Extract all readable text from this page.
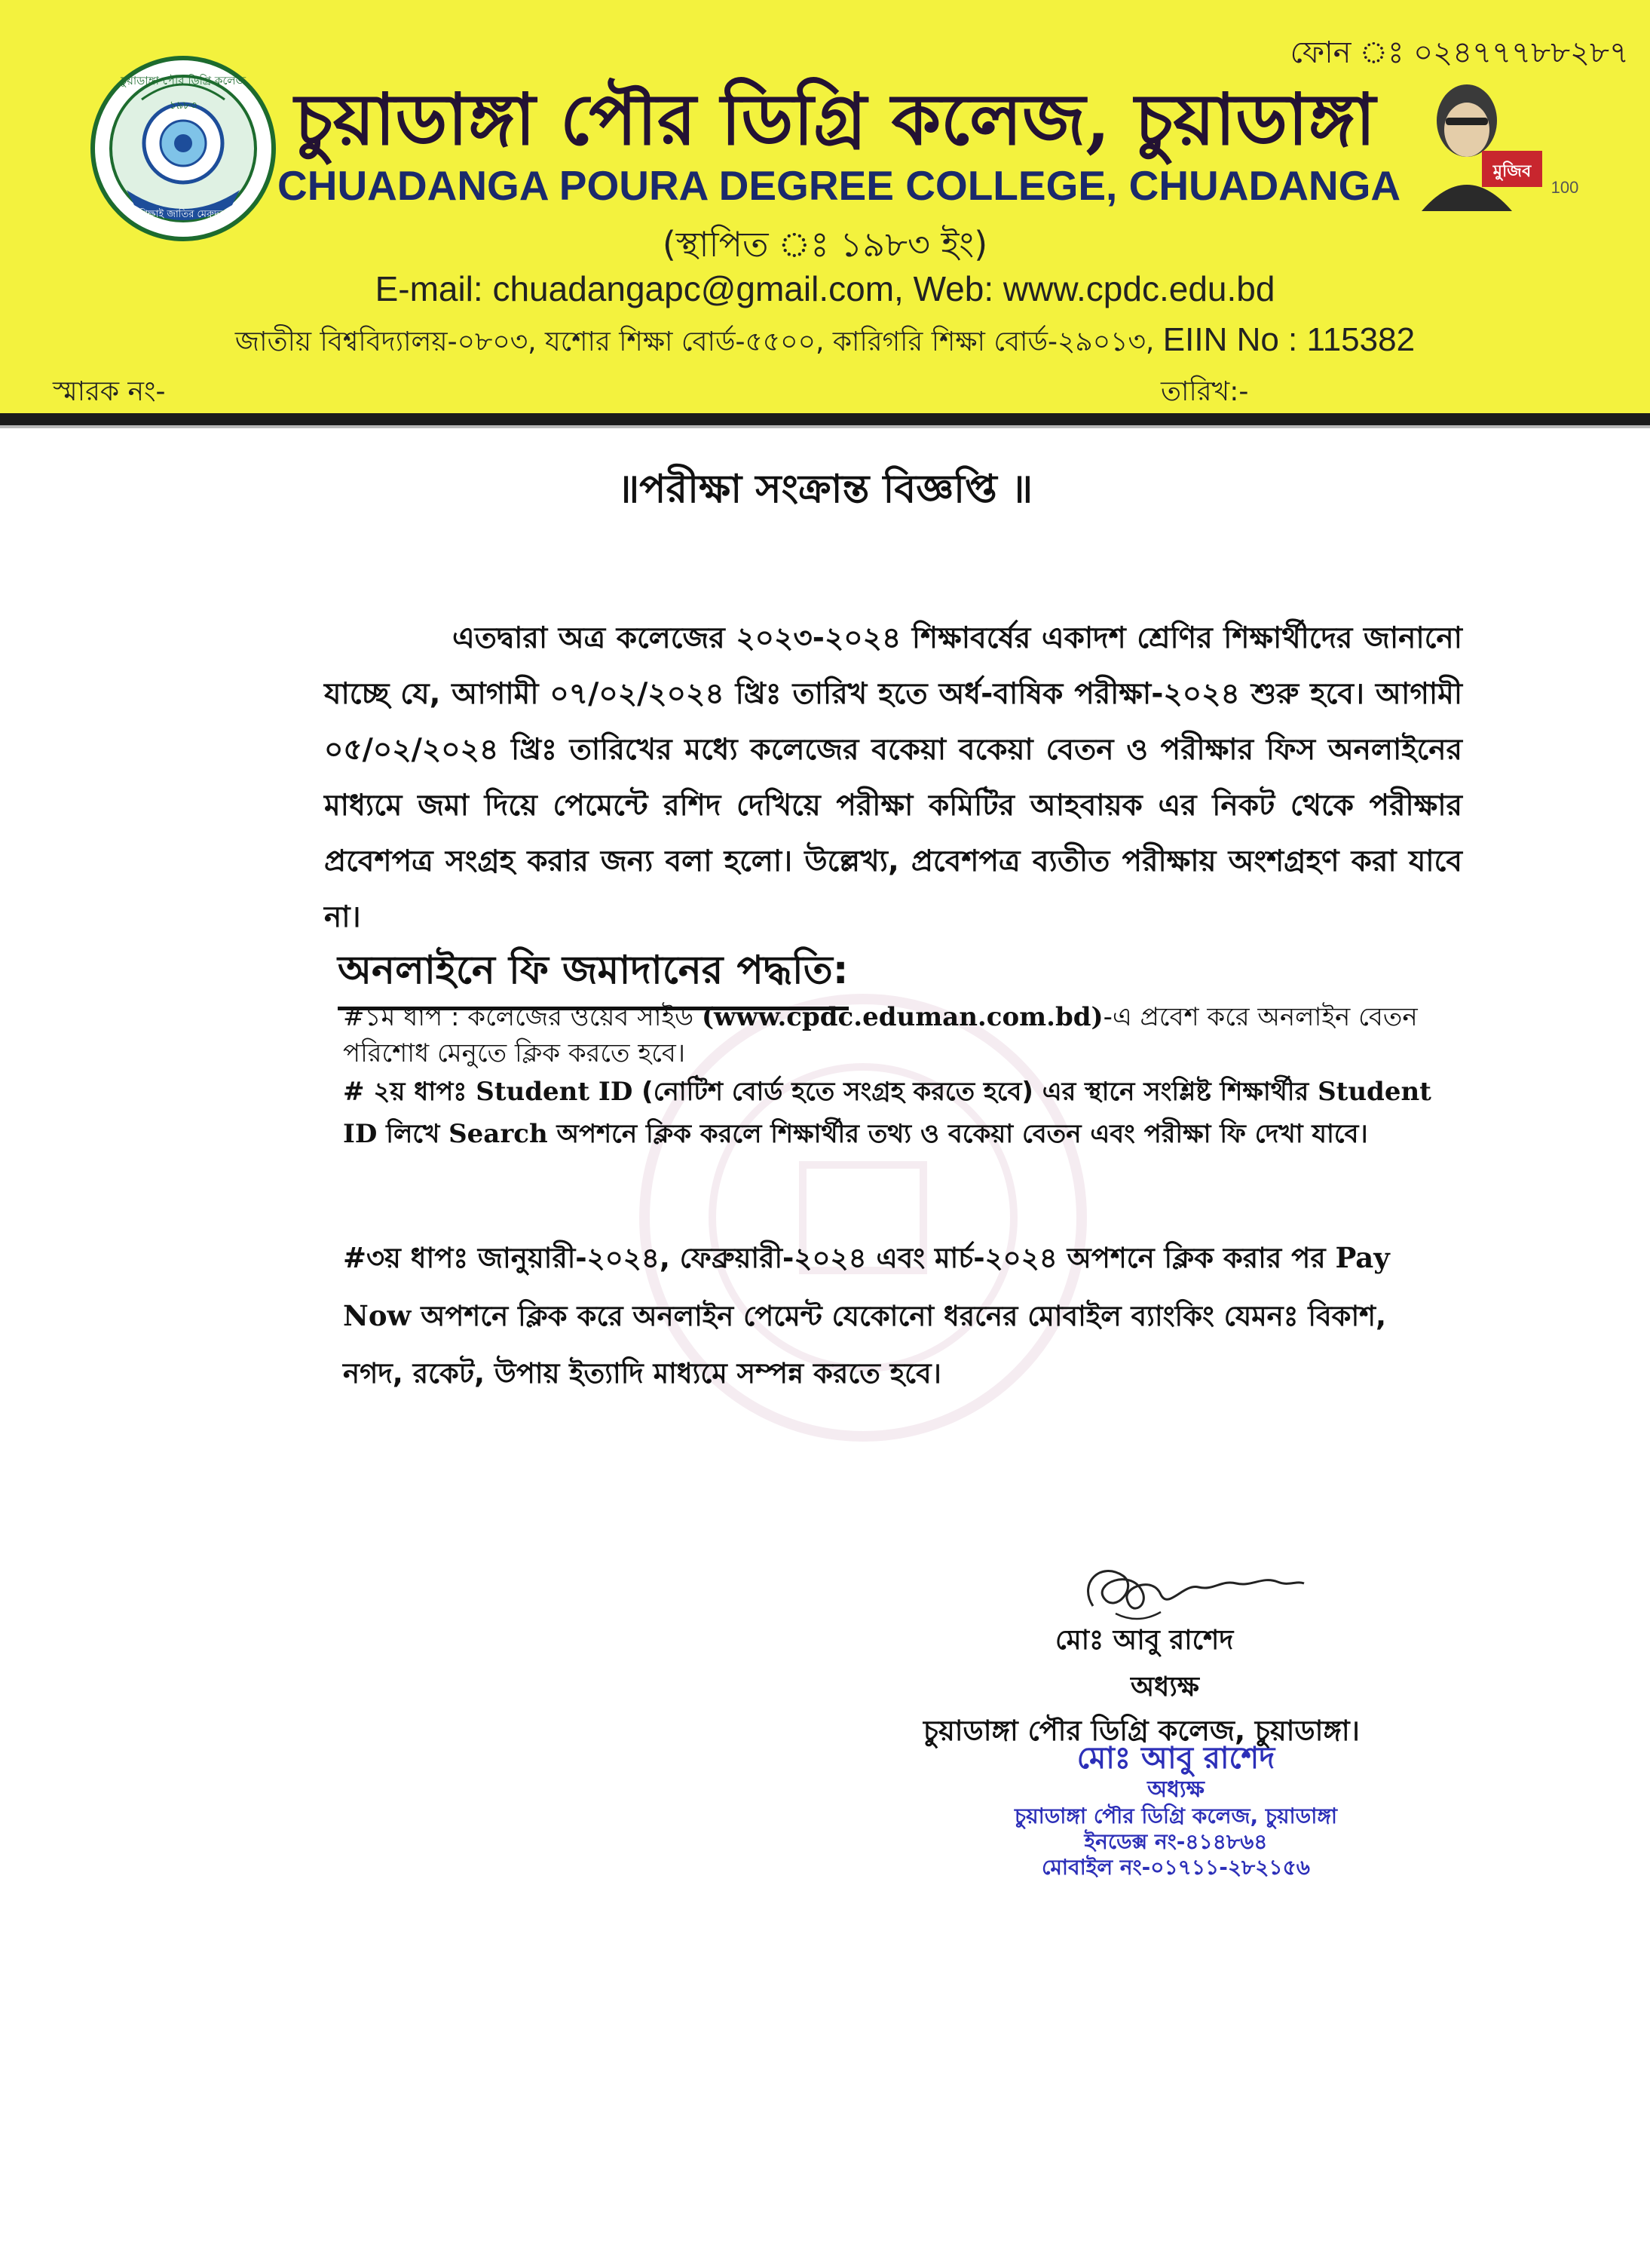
ফোন ঃ ০২৪৭৭৭৮৮২৮৭
চুয়াডাঙ্গা পৌর ডিগ্রি কলেজ
১৯৮৩
শিক্ষাই জাতির মেরুদন্ড
চুয়াডাঙ্গা পৌর ডিগ্রি কলেজ, চুয়াডাঙ্গা
CHUADANGA POURA DEGREE COLLEGE, CHUADANGA	মুজিব
100
(স্থাপিত ঃ ১৯৮৩ ইং)
E-mail: chuadangapc@gmail.com, Web: www.cpdc.edu.bd
জাতীয় বিশ্ববিদ্যালয়-০৮০৩, যশোর শিক্ষা বোর্ড-৫৫০০, কারিগরি শিক্ষা বোর্ড-২৯০১৩, EIIN No : 115382
স্মারক নং-	তারিখ:-
॥পরীক্ষা সংক্রান্ত বিজ্ঞপ্তি ॥
এতদ্বারা অত্র কলেজের ২০২৩-২০২৪ শিক্ষাবর্ষের একাদশ শ্রেণির শিক্ষার্থীদের জানানো যাচ্ছে যে, আগামী ০৭/০২/২০২৪ খ্রিঃ তারিখ হতে অর্ধ-বাষিক পরীক্ষা-২০২৪ শুরু হবে। আগামী ০৫/০২/২০২৪ খ্রিঃ তারিখের মধ্যে কলেজের বকেয়া বকেয়া বেতন ও পরীক্ষার ফিস অনলাইনের মাধ্যমে জমা দিয়ে পেমেন্টে রশিদ দেখিয়ে পরীক্ষা কমিটির আহবায়ক এর নিকট থেকে পরীক্ষার প্রবেশপত্র সংগ্রহ করার জন্য বলা হলো। উল্লেখ্য, প্রবেশপত্র ব্যতীত পরীক্ষায় অংশগ্রহণ করা যাবে না।
অনলাইনে ফি জমাদানের পদ্ধতি:
#১ম ধাপ : কলেজের ওয়েব সাইড (www.cpdc.eduman.com.bd)-এ প্রবেশ করে অনলাইন বেতন পরিশোধ মেনুতে ক্লিক করতে হবে।
# ২য় ধাপঃ Student ID (নোটিশ বোর্ড হতে সংগ্রহ করতে হবে) এর স্থানে সংশ্লিষ্ট শিক্ষার্থীর Student ID লিখে Search অপশনে ক্লিক করলে শিক্ষার্থীর তথ্য ও বকেয়া বেতন এবং পরীক্ষা ফি দেখা যাবে।
#৩য় ধাপঃ জানুয়ারী-২০২৪, ফেব্রুয়ারী-২০২৪ এবং মার্চ-২০২৪ অপশনে ক্লিক করার পর Pay Now অপশনে ক্লিক করে অনলাইন পেমেন্ট যেকোনো ধরনের মোবাইল ব্যাংকিং যেমনঃ বিকাশ, নগদ, রকেট, উপায় ইত্যাদি মাধ্যমে সম্পন্ন করতে হবে।
মোঃ আবু রাশেদ
অধ্যক্ষ
চুয়াডাঙ্গা পৌর ডিগ্রি কলেজ, চুয়াডাঙ্গা।
মোঃ আবু রাশেদ
অধ্যক্ষ
চুয়াডাঙ্গা পৌর ডিগ্রি কলেজ, চুয়াডাঙ্গা
ইনডেক্স নং-৪১৪৮৬৪
মোবাইল নং-০১৭১১-২৮২১৫৬
